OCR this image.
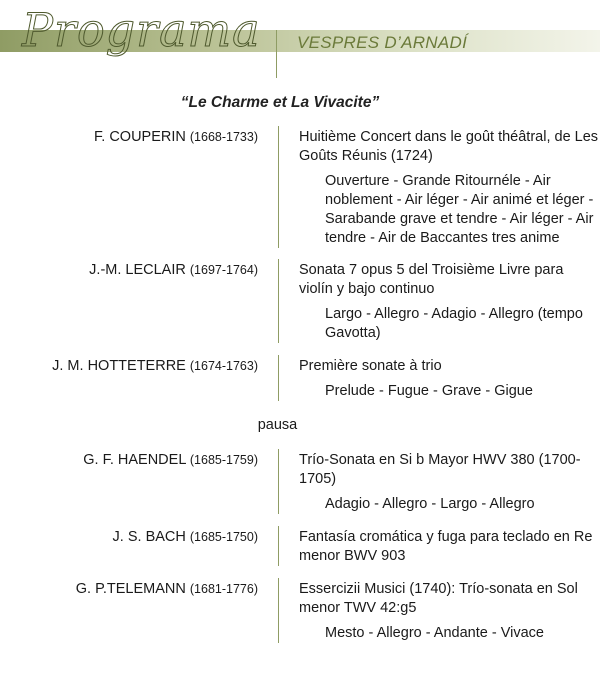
Programa VESPRES D’ARNADÍ
“Le Charme et La Vivacite”
F. COUPERIN (1668-1733)	Huitième Concert dans le goût théâtral, de Les Goûts Réunis (1724)

Ouverture - Grande Ritournéle - Air noblement - Air léger - Air animé et léger - Sarabande grave et tendre - Air léger - Air tendre - Air de Baccantes tres anime

J.-M. LECLAIR (1697-1764)	Sonata 7 opus 5 del Troisième Livre para violín y bajo continuo

Largo - Allegro - Adagio - Allegro (tempo Gavotta)

J. M. HOTTETERRE (1674-1763)	Première sonate à trio

Prelude - Fugue - Grave - Gigue

pausa
G. F. HAENDEL (1685-1759)	Trío-Sonata en Si b Mayor HWV 380 (1700-1705)

Adagio - Allegro - Largo - Allegro

J. S. BACH (1685-1750)	Fantasía cromática y fuga para teclado en Re menor BWV 903

G. P.TELEMANN (1681-1776)	Essercizii Musici (1740): Trío-sonata en Sol menor TWV 42:g5

Mesto - Allegro - Andante - Vivace
